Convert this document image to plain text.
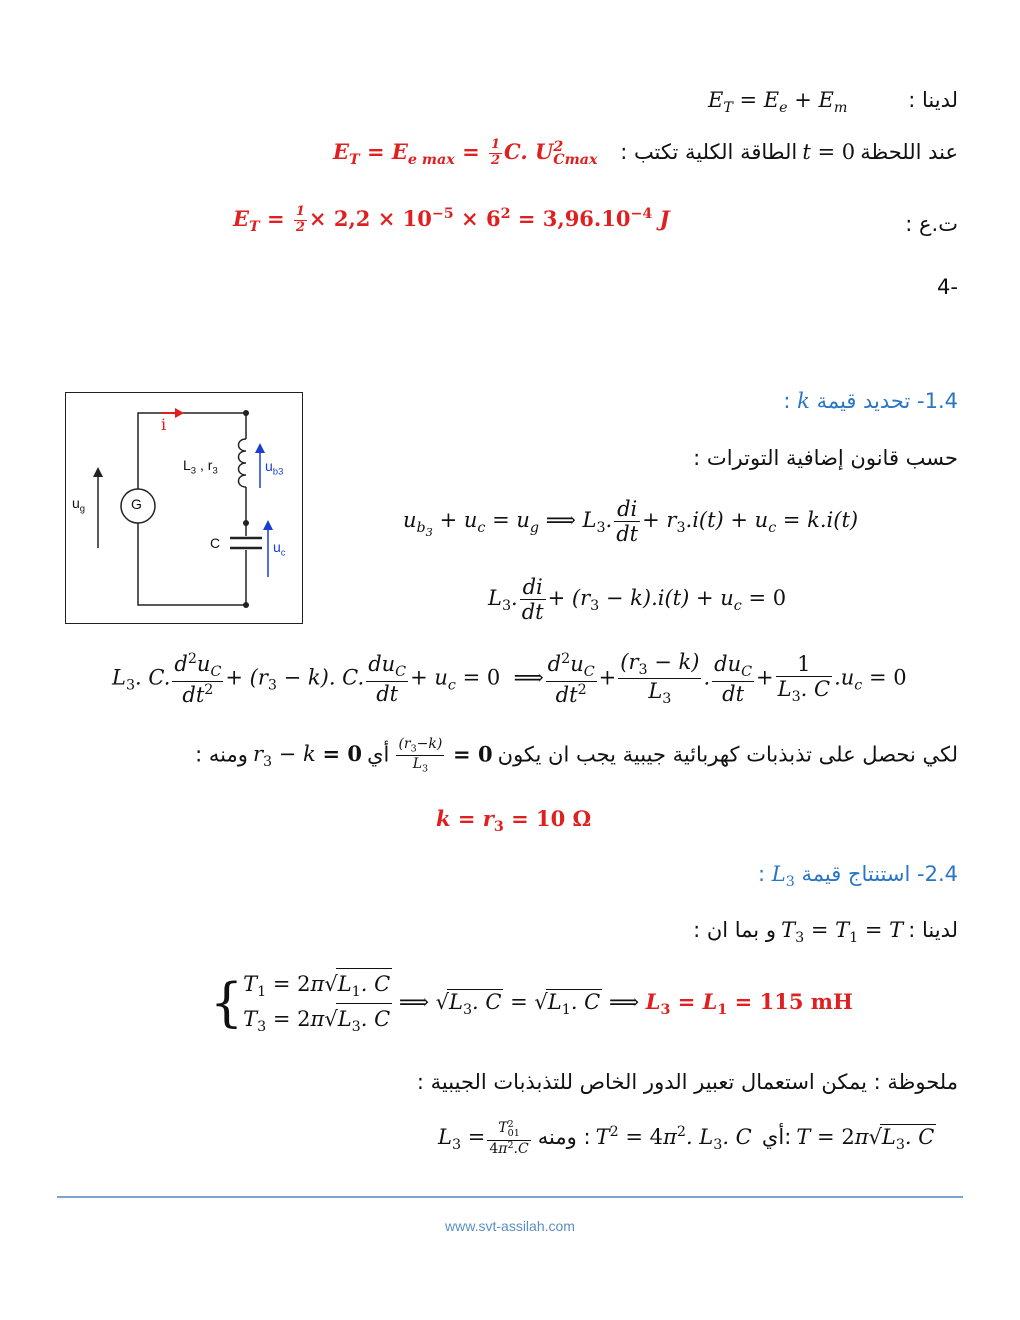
لدينا :
$E_T = E_e + E_m$
عند اللحظة t = 0 الطاقة الكلية تكتب :
$E_T = E_{e max} = \frac{1}{2} C$. $U^2_{Cmax}$
ت.ع :
$E_T = \frac{1}{2} \times 2,2 \times 10^{-5} \times 6^2 = 3,96.10^{-4}$ J
-4
i
G
$u_g$
$L_3$ , $r_3$	$u_{b3}$
C	$u_c$
1.4- تحديد قيمة k :
حسب قانون إضافية التوترات :
$u_{b_3} + u_c = u_g$ ⟹ $L_3$. $\frac{di}{dt} + r_3.i(t) + u_c = k.i(t)$
$L_3$. $\frac{di}{dt} + (r_3 - k).i(t) + u_c = 0$
$L_3$. C. $\frac{d^2u_C}{dt^2} + (r_3 - k)$. C. $\frac{du_C}{dt} + u_c = 0$ ⟹ $\frac{d^2u_C}{dt^2} + \frac{(r_3 - k)}{L_3}$ . $\frac{du_C}{dt} + \frac{1}{L_3. C} .u_c = 0$
لكي نحصل على تذبذبات كهربائية جيبية يجب ان يكون
$\frac{(r_3-k)}{L_3} = 0$ أي $r_3 - k = 0$ ومنه :
$k = r_3 = 10$ Ω
2.4- استنتاج قيمة $L_3$ :
لدينا : $T_3 = T_1 = T$ و بما ان :
{ $T_1 = 2\pi√L_1$. C
$T_3 = 2\pi√L_3$. C
⟹ $√L_3$. $C = √L_1$. C ⟹ $L_3 = L_1 = 115$ mH
ملحوظة : يمكن استعمال تعبير الدور الخاص للتذبذبات الجيبية :
$L_3 = \frac{T^2_{01}}{4\pi^2.C}$ ومنه : $T^2 = 4\pi^2$. $L_3$. C أي: $T = 2\pi√L_3$. C
www.svt-assilah.com
